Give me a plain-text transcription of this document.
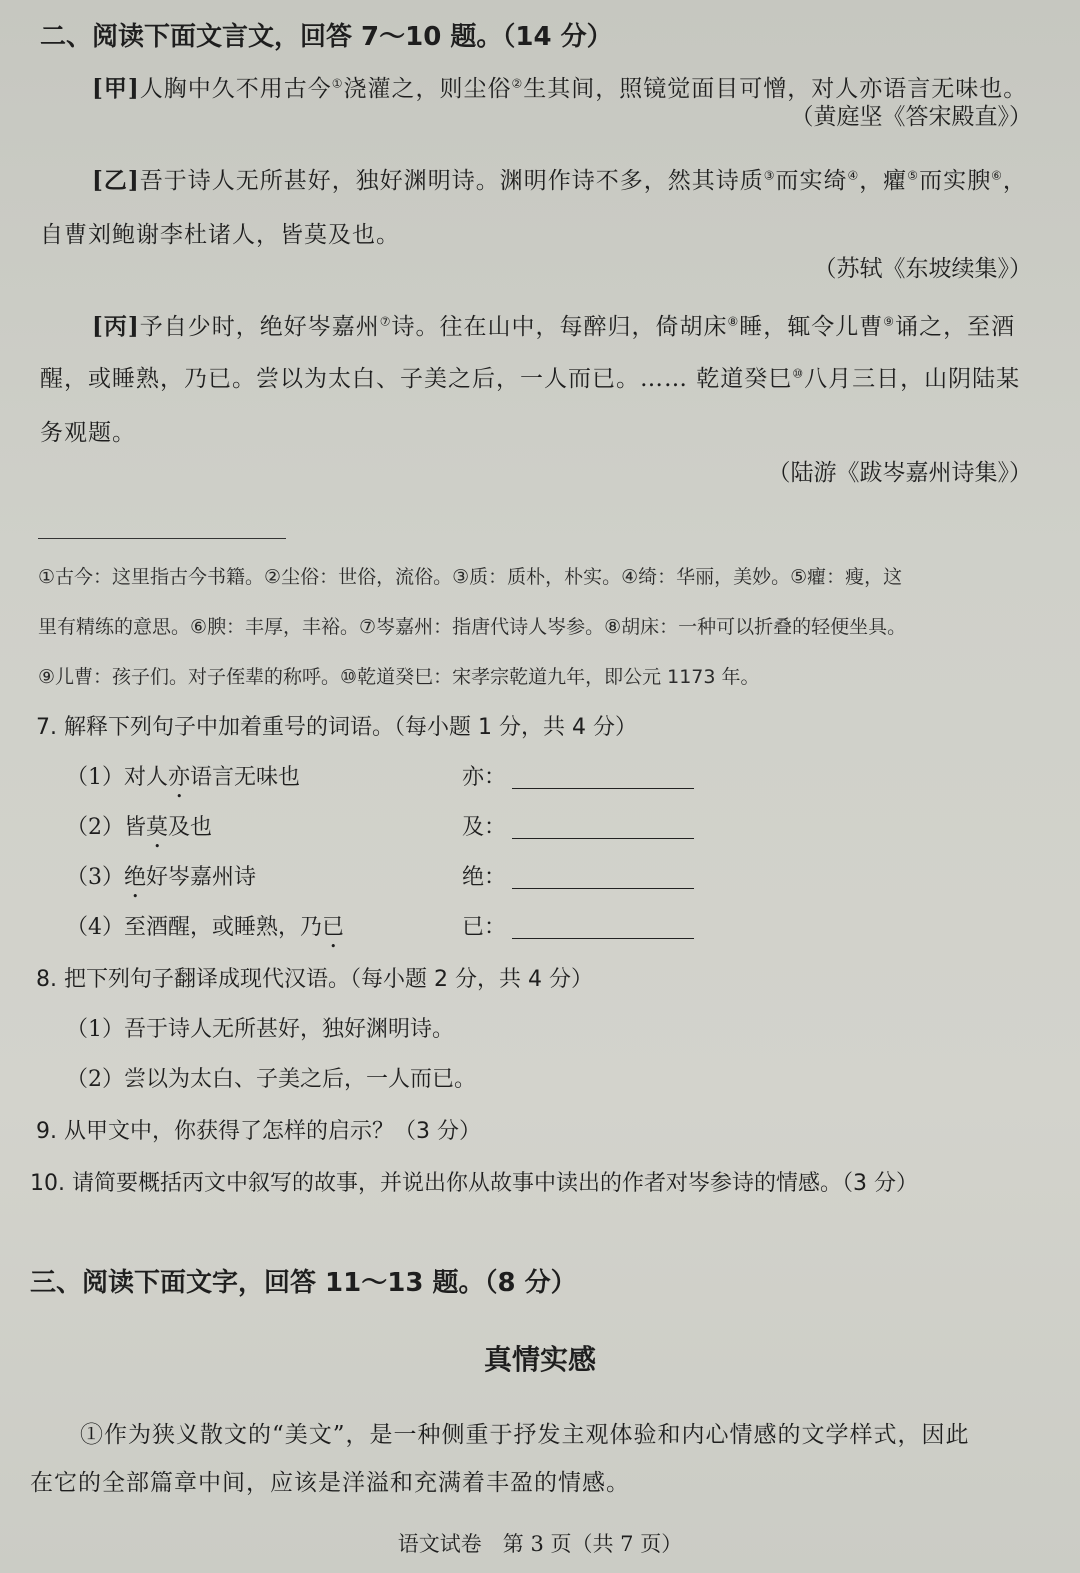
二、阅读下面文言文，回答 7～10 题。（14 分）
[甲]人胸中久不用古今①浇灌之，则尘俗②生其间，照镜觉面目可憎，对人亦语言无味也。
（黄庭坚《答宋殿直》）
[乙]吾于诗人无所甚好，独好渊明诗。渊明作诗不多，然其诗质③而实绮④，癯⑤而实腴⑥，
自曹刘鲍谢李杜诸人，皆莫及也。
（苏轼《东坡续集》）
[丙]予自少时，绝好岑嘉州⑦诗。往在山中，每醉归，倚胡床⑧睡，辄令儿曹⑨诵之，至酒
醒，或睡熟，乃已。尝以为太白、子美之后，一人而已。…… 乾道癸巳⑩八月三日，山阴陆某
务观题。
（陆游《跋岑嘉州诗集》）
①古今：这里指古今书籍。②尘俗：世俗，流俗。③质：质朴，朴实。④绮：华丽，美妙。⑤癯：瘦，这
里有精练的意思。⑥腴：丰厚，丰裕。⑦岑嘉州：指唐代诗人岑参。⑧胡床：一种可以折叠的轻便坐具。
⑨儿曹：孩子们。对子侄辈的称呼。⑩乾道癸巳：宋孝宗乾道九年，即公元 1173 年。
7. 解释下列句子中加着重号的词语。（每小题 1 分，共 4 分）
（1）对人亦语言无味也	亦：
（2）皆莫及也	及：
（3）绝好岑嘉州诗	绝：
（4）至酒醒，或睡熟，乃已	已：
8. 把下列句子翻译成现代汉语。（每小题 2 分，共 4 分）
（1）吾于诗人无所甚好，独好渊明诗。
（2）尝以为太白、子美之后，一人而已。
9. 从甲文中，你获得了怎样的启示？（3 分）
10. 请简要概括丙文中叙写的故事，并说出你从故事中读出的作者对岑参诗的情感。（3 分）
三、阅读下面文字，回答 11～13 题。（8 分）
真情实感
①作为狭义散文的“美文”，是一种侧重于抒发主观体验和内心情感的文学样式，因此
在它的全部篇章中间，应该是洋溢和充满着丰盈的情感。
语文试卷　第 3 页（共 7 页）
